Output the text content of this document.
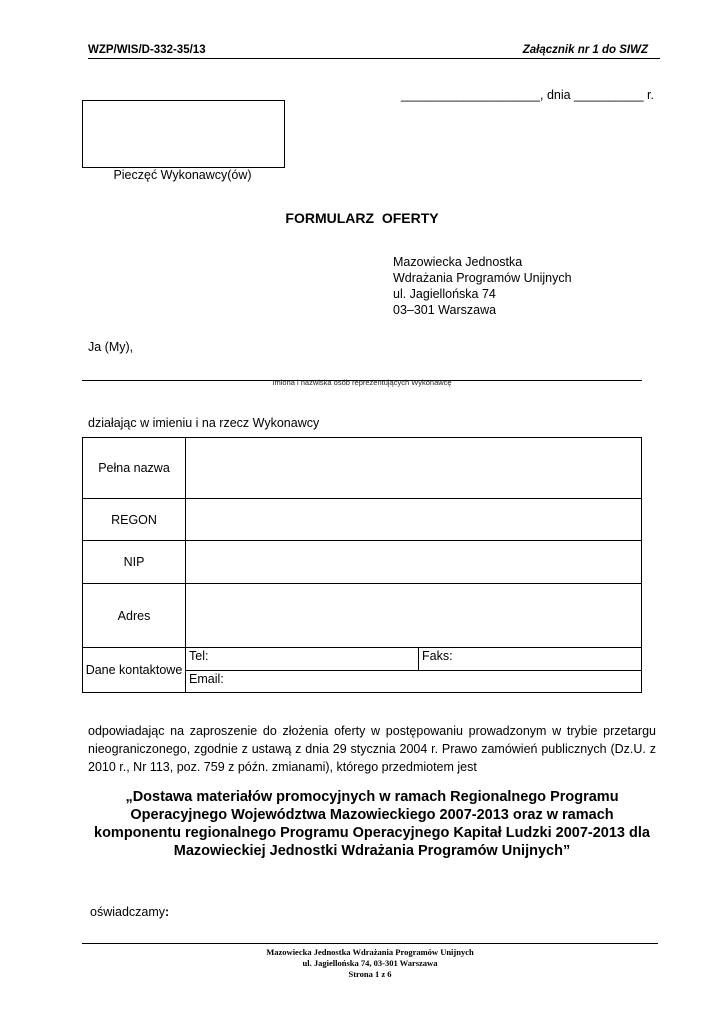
WZP/WIS/D-332-35/13	Załącznik nr 1 do SIWZ
____________________, dnia __________ r.
Pieczęć Wykonawcy(ów)
FORMULARZ  OFERTY
Mazowiecka Jednostka
Wdrażania Programów Unijnych
ul. Jagiellońska 74
03–301 Warszawa
Ja (My),
Imiona i nazwiska osób reprezentujących Wykonawcę
działając w imieniu i na rzecz Wykonawcy
Pełna nazwa		
REGON		
NIP		
Adres		
Dane kontaktowe	Tel:	Faks:
	Email:	
odpowiadając na zaproszenie do złożenia oferty w postępowaniu prowadzonym w trybie przetargu nieograniczonego, zgodnie z ustawą z dnia 29 stycznia 2004 r. Prawo zamówień publicznych (Dz.U. z 2010 r., Nr 113, poz. 759 z późn. zmianami), którego przedmiotem jest
„Dostawa materiałów promocyjnych w ramach Regionalnego Programu
Operacyjnego Województwa Mazowieckiego 2007-2013 oraz w ramach
komponentu regionalnego Programu Operacyjnego Kapitał Ludzki 2007-2013 dla
Mazowieckiej Jednostki Wdrażania Programów Unijnych”
oświadczamy:
Mazowiecka Jednostka Wdrażania Programów Unijnych
ul. Jagiellońska 74, 03-301 Warszawa
Strona 1 z 6
